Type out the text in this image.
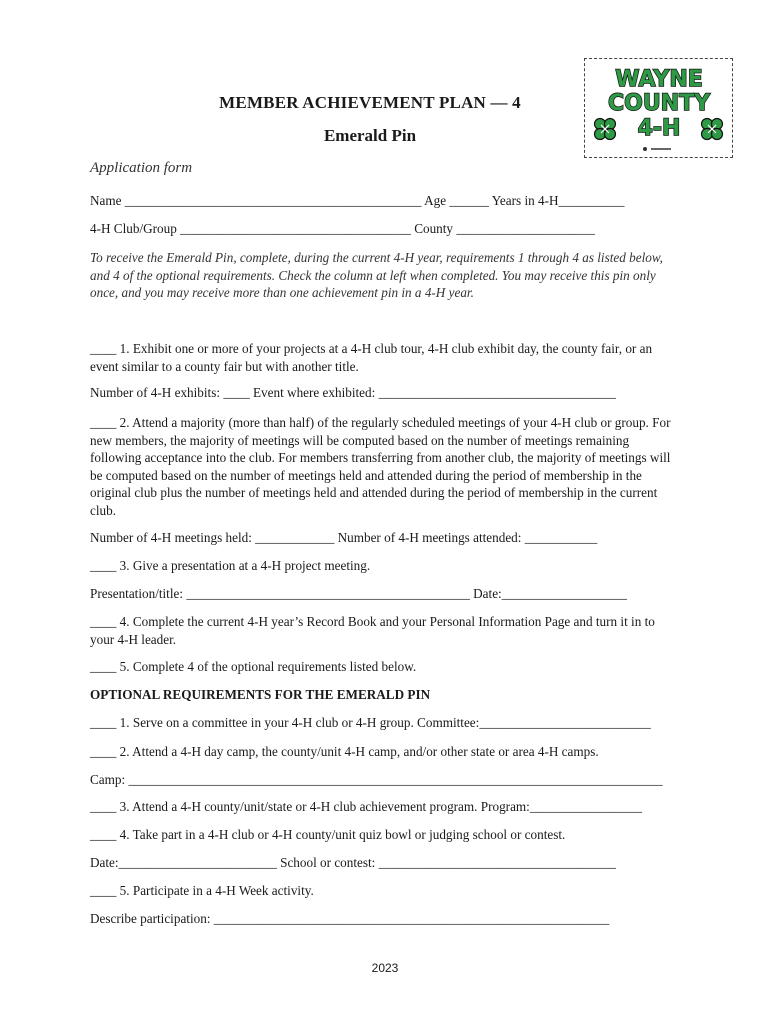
WAYNE
COUNTY
4-H
MEMBER ACHIEVEMENT PLAN — 4
Emerald Pin
Application form
Name _____________________________________________ Age ______ Years in 4-H__________
4-H Club/Group ___________________________________ County _____________________
To receive the Emerald Pin, complete, during the current 4-H year, requirements 1 through 4 as listed below, and 4 of the optional requirements. Check the column at left when completed. You may receive this pin only once, and you may receive more than one achievement pin in a 4-H year.
____ 1. Exhibit one or more of your projects at a 4-H club tour, 4-H club exhibit day, the county fair, or an event similar to a county fair but with another title.
Number of 4-H exhibits: ____ Event where exhibited: ____________________________________
____ 2. Attend a majority (more than half) of the regularly scheduled meetings of your 4-H club or group. For new members, the majority of meetings will be computed based on the number of meetings remaining following acceptance into the club. For members transferring from another club, the majority of meetings will be computed based on the number of meetings held and attended during the period of membership in the original club plus the number of meetings held and attended during the period of membership in the current club.
Number of 4-H meetings held: ____________ Number of 4-H meetings attended: ___________
____ 3. Give a presentation at a 4-H project meeting.
Presentation/title: ___________________________________________ Date:___________________
____ 4. Complete the current 4-H year’s Record Book and your Personal Information Page and turn it in to your 4-H leader.
____ 5. Complete 4 of the optional requirements listed below.
OPTIONAL REQUIREMENTS FOR THE EMERALD PIN
____ 1. Serve on a committee in your 4-H club or 4-H group. Committee:__________________________
____ 2. Attend a 4-H day camp, the county/unit 4-H camp, and/or other state or area 4-H camps.
Camp: _________________________________________________________________________________
____ 3. Attend a 4-H county/unit/state or 4-H club achievement program. Program:_________________
____ 4. Take part in a 4-H club or 4-H county/unit quiz bowl or judging school or contest.
Date:________________________ School or contest: ____________________________________
____ 5. Participate in a 4-H Week activity.
Describe participation: ____________________________________________________________
2023
